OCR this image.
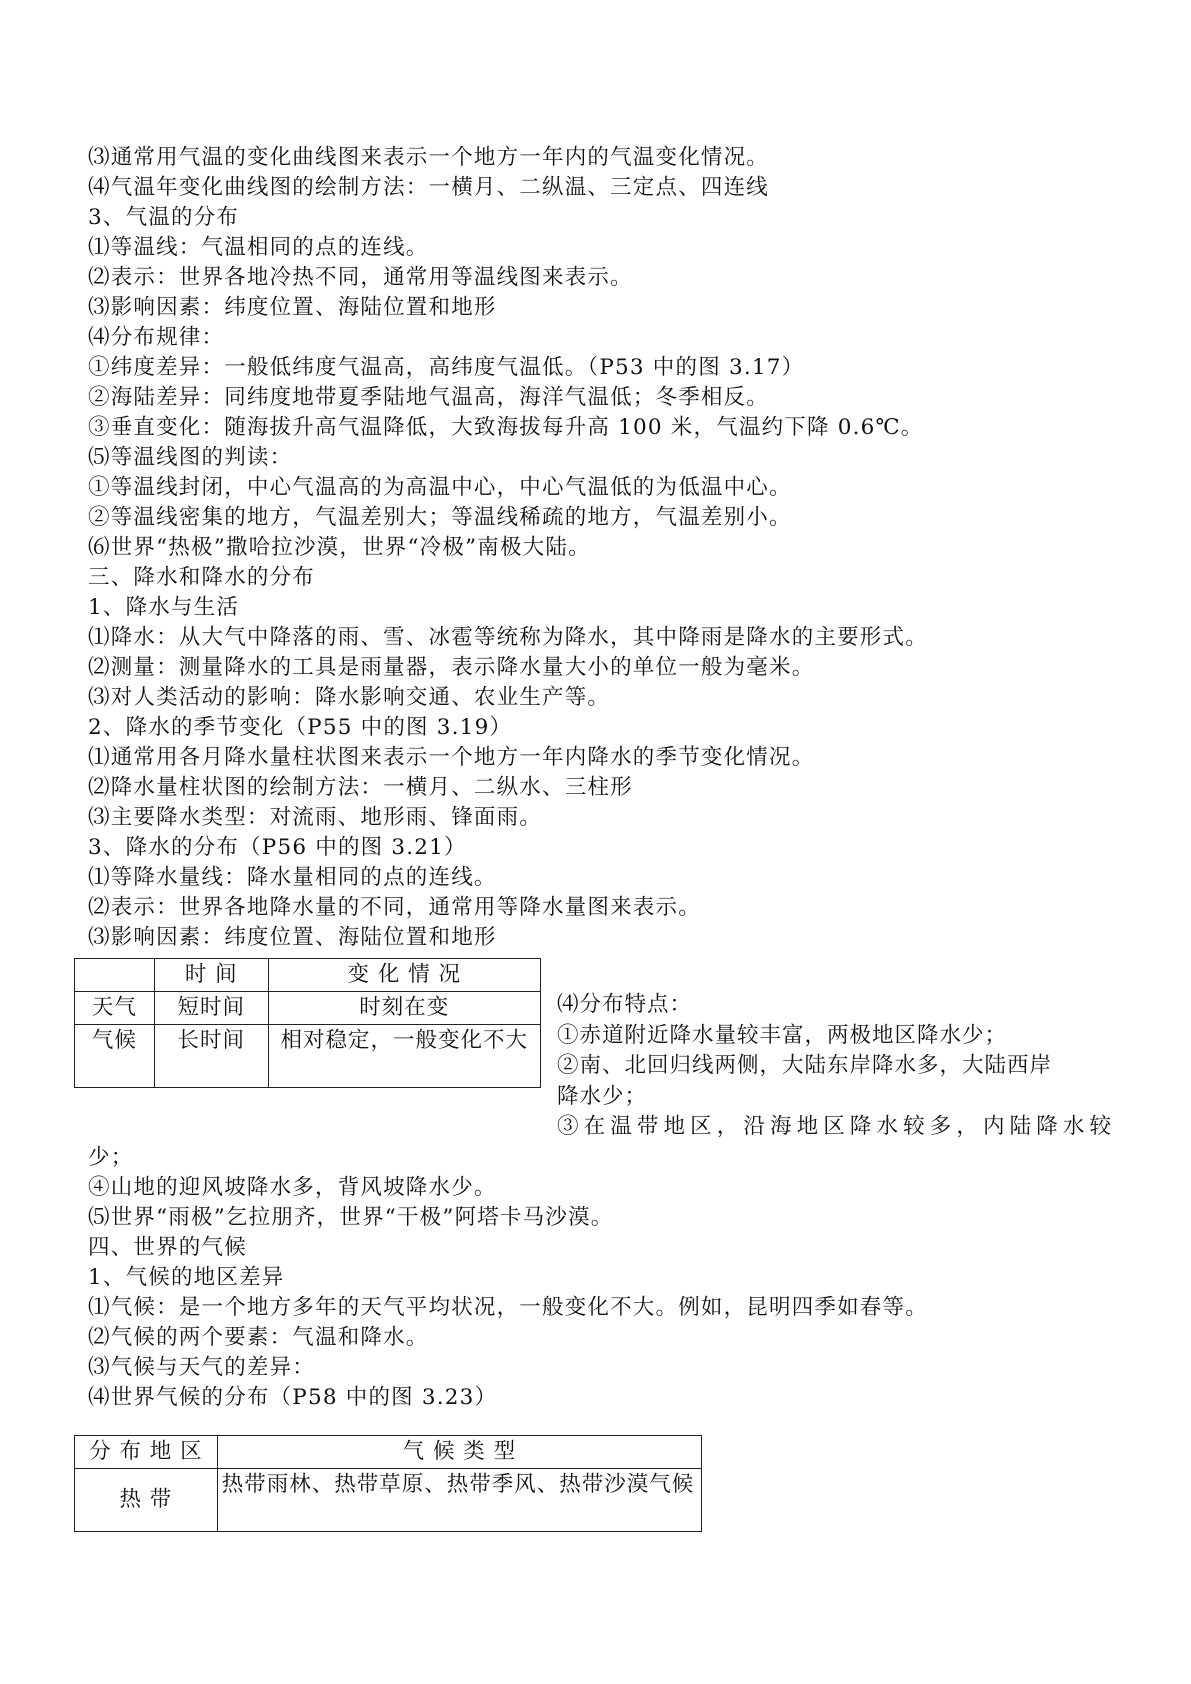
⑶通常用气温的变化曲线图来表示一个地方一年内的气温变化情况。
⑷气温年变化曲线图的绘制方法：一横月、二纵温、三定点、四连线
3、气温的分布
⑴等温线：气温相同的点的连线。
⑵表示：世界各地冷热不同，通常用等温线图来表示。
⑶影响因素：纬度位置、海陆位置和地形
⑷分布规律：
①纬度差异：一般低纬度气温高，高纬度气温低。（P53 中的图 3.17）
②海陆差异：同纬度地带夏季陆地气温高，海洋气温低；冬季相反。
③垂直变化：随海拔升高气温降低，大致海拔每升高 100 米，气温约下降 0.6℃。
⑸等温线图的判读：
①等温线封闭，中心气温高的为高温中心，中心气温低的为低温中心。
②等温线密集的地方，气温差别大；等温线稀疏的地方，气温差别小。
⑹世界“热极”撒哈拉沙漠，世界“冷极”南极大陆。
三、降水和降水的分布
1、降水与生活
⑴降水：从大气中降落的雨、雪、冰雹等统称为降水，其中降雨是降水的主要形式。
⑵测量：测量降水的工具是雨量器，表示降水量大小的单位一般为毫米。
⑶对人类活动的影响：降水影响交通、农业生产等。
2、降水的季节变化（P55 中的图 3.19）
⑴通常用各月降水量柱状图来表示一个地方一年内降水的季节变化情况。
⑵降水量柱状图的绘制方法：一横月、二纵水、三柱形
⑶主要降水类型：对流雨、地形雨、锋面雨。
3、降水的分布（P56 中的图 3.21）
⑴等降水量线：降水量相同的点的连线。
⑵表示：世界各地降水量的不同，通常用等降水量图来表示。
⑶影响因素：纬度位置、海陆位置和地形
	时 间	变 化 情 况
天气	短时间	时刻在变
气候	长时间	相对稳定，一般变化不大
⑷分布特点：
①赤道附近降水量较丰富，两极地区降水少；
②南、北回归线两侧，大陆东岸降水多，大陆西岸
降水少；
③在温带地区，沿海地区降水较多，内陆降水较
少；
④山地的迎风坡降水多，背风坡降水少。
⑸世界“雨极”乞拉朋齐，世界“干极”阿塔卡马沙漠。
四、世界的气候
1、气候的地区差异
⑴气候：是一个地方多年的天气平均状况，一般变化不大。例如，昆明四季如春等。
⑵气候的两个要素：气温和降水。
⑶气候与天气的差异：
⑷世界气候的分布（P58 中的图 3.23）
分 布 地 区	气 候 类 型
热 带	热带雨林、热带草原、热带季风、热带沙漠气候
